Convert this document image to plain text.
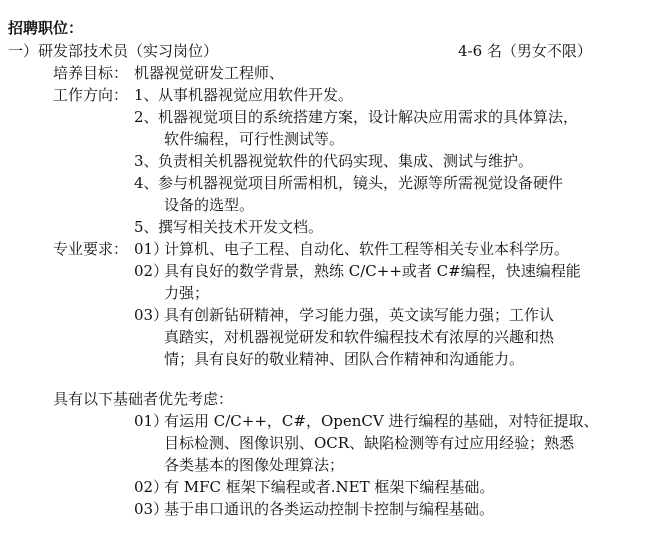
招聘职位：
一）研发部技术员（实习岗位）	4-6 名（男女不限）
培养目标： 机器视觉研发工程师、
工作方向： 1、 从事机器视觉应用软件开发。
2、 机器视觉项目的系统搭建方案，设计解决应用需求的具体算法，
软件编程，可行性测试等。
3、 负责相关机器视觉软件的代码实现、集成、测试与维护。
4、 参与机器视觉项目所需相机，镜头，光源等所需视觉设备硬件
设备的选型。
5、 撰写相关技术开发文档。
专业要求： 01）
计算机、电子工程、自动化、软件工程等相关专业本科学历。
02）
具有良好的数学背景，熟练 C/C++或者 C#编程，快速编程能
力强；
03）
具有创新钻研精神，学习能力强，英文读写能力强；工作认
真踏实，对机器视觉研发和软件编程技术有浓厚的兴趣和热
情；具有良好的敬业精神、团队合作精神和沟通能力。
具有以下基础者优先考虑：
01）
有运用 C/C++，C#，OpenCV 进行编程的基础，对特征提取、
目标检测、图像识别、OCR、缺陷检测等有过应用经验；熟悉
各类基本的图像处理算法；
02）
有 MFC 框架下编程或者.NET 框架下编程基础。
03）
基于串口通讯的各类运动控制卡控制与编程基础。
